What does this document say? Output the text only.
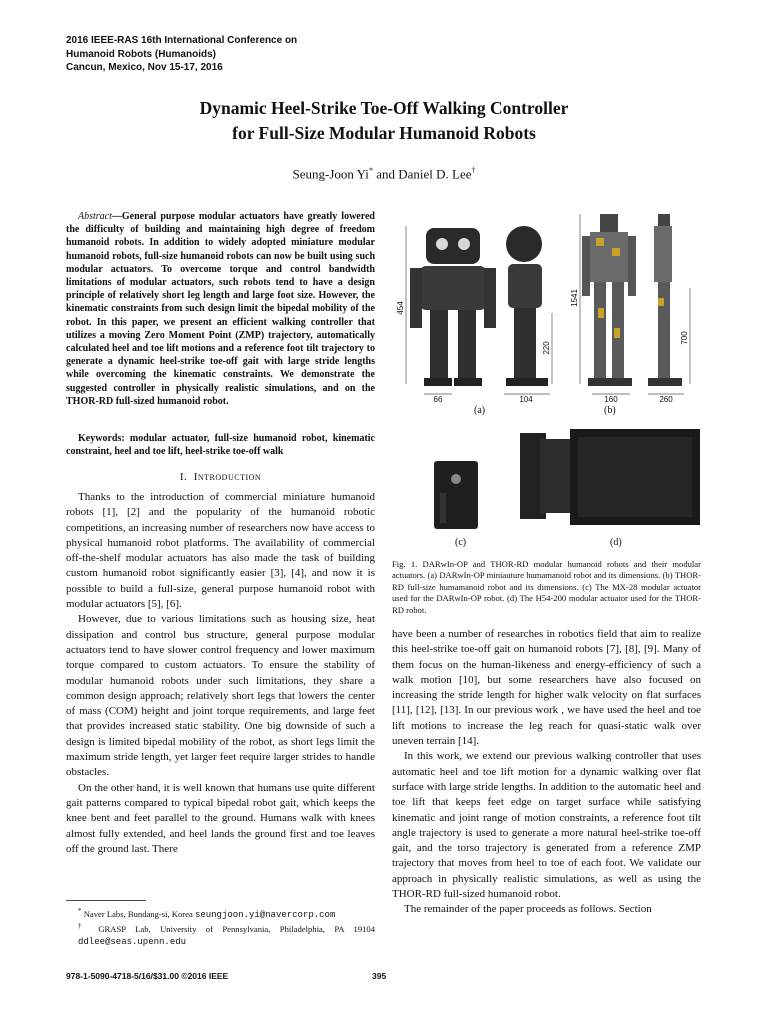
2016 IEEE-RAS 16th International Conference on
Humanoid Robots (Humanoids)
Cancun, Mexico, Nov 15-17, 2016
Dynamic Heel-Strike Toe-Off Walking Controller
for Full-Size Modular Humanoid Robots
Seung-Joon Yi* and Daniel D. Lee†
Abstract—General purpose modular actuators have greatly lowered the difficulty of building and maintaining high degree of freedom humanoid robots. In addition to widely adopted miniature modular humanoid robots, full-size humanoid robots can now be built using such modular actuators. To overcome torque and control bandwidth limitations of modular actuators, such robots tend to have a design principle of relatively short leg length and large foot size. However, the kinematic constraints from such design limit the bipedal mobility of the robot. In this paper, we present an efficient walking controller that utilizes a moving Zero Moment Point (ZMP) trajectory, automatically calculated heel and toe lift motions and a reference foot tilt trajectory to generate a dynamic heel-strike toe-off gait with large stride lengths while overcoming the kinematic constraints. We demonstrate the suggested controller in physically realistic simulations, and on the THOR-RD full-sized humanoid robot.
Keywords: modular actuator, full-size humanoid robot, kinematic constraint, heel and toe lift, heel-strike toe-off walk
I. Introduction

Thanks to the introduction of commercial miniature humanoid robots [1], [2] and the popularity of the humanoid robotic competitions, an increasing number of researchers now have access to physical humanoid robot platforms. The availability of commercial off-the-shelf modular actuators has also made the task of building custom humanoid robot significantly easier [3], [4], and now it is possible to build a full-size, general purpose humanoid robot with modular actuators [5], [6].

However, due to various limitations such as housing size, heat dissipation and control bus structure, general purpose modular actuators tend to have slower control frequency and lower maximum torque compared to custom actuators. To ensure the stability of modular humanoid robots under such limitations, they share a common design approach; relatively short legs that lowers the center of mass (COM) height and joint torque requirements, and large feet that provides increased static stability. One big downside of such a design is limited bipedal mobility of the robot, as short legs limit the maximum stride length, yet larger feet require larger strides to handle obstacles.

On the other hand, it is well known that humans use quite different gait patterns compared to typical bipedal robot gait, which keeps the knee bent and feet parallel to the ground. Humans walk with knees almost fully extended, and heel lands the ground first and toe leaves off the ground last. There

* Naver Labs, Bundang-si, Korea seungjoon.yi@navercorp.com
† GRASP Lab, University of Pennsylvania, Philadelphia, PA 19104 ddlee@seas.upenn.edu
454
220
66	104
1541
700
160	260
(a)	(b)
(c)	(d)
Fig. 1. DARwIn-OP and THOR-RD modular humanoid robots and their modular actuators. (a) DARwIn-OP miniauture humamanoid robot and its dimensions. (b) THOR-RD full-size humamanoid robot and its dimensions. (c) The MX-28 modular actuator used for the DARwIn-OP robot. (d) The H54-200 modular actuator used for the THOR-RD robot.

have been a number of researches in robotics field that aim to realize this heel-strike toe-off gait on humanoid robots [7], [8], [9]. Many of them focus on the human-likeness and energy-efficiency of such a walk motion [10], but some researchers have also focused on increasing the stride length for higher walk velocity on flat surfaces [11], [12], [13]. In our previous work , we have used the heel and toe lift motions to increase the leg reach for quasi-static walk over uneven terrain [14].

In this work, we extend our previous walking controller that uses automatic heel and toe lift motion for a dynamic walking over flat surface with large stride lengths. In addition to the automatic heel and toe lift that keeps feet edge on target surface while satisfying kinematic and joint range of motion constraints, a reference foot tilt angle trajectory is used to generate a more natural heel-strike toe-off gait, and the torso trajectory is generated from a reference ZMP trajectory that moves from heel to toe of each foot. We validate our approach in physically realistic simulations, as well as using the THOR-RD full-sized humanoid robot.

The remainder of the paper proceeds as follows. Section

978-1-5090-4718-5/16/$31.00 ©2016 IEEE	395
